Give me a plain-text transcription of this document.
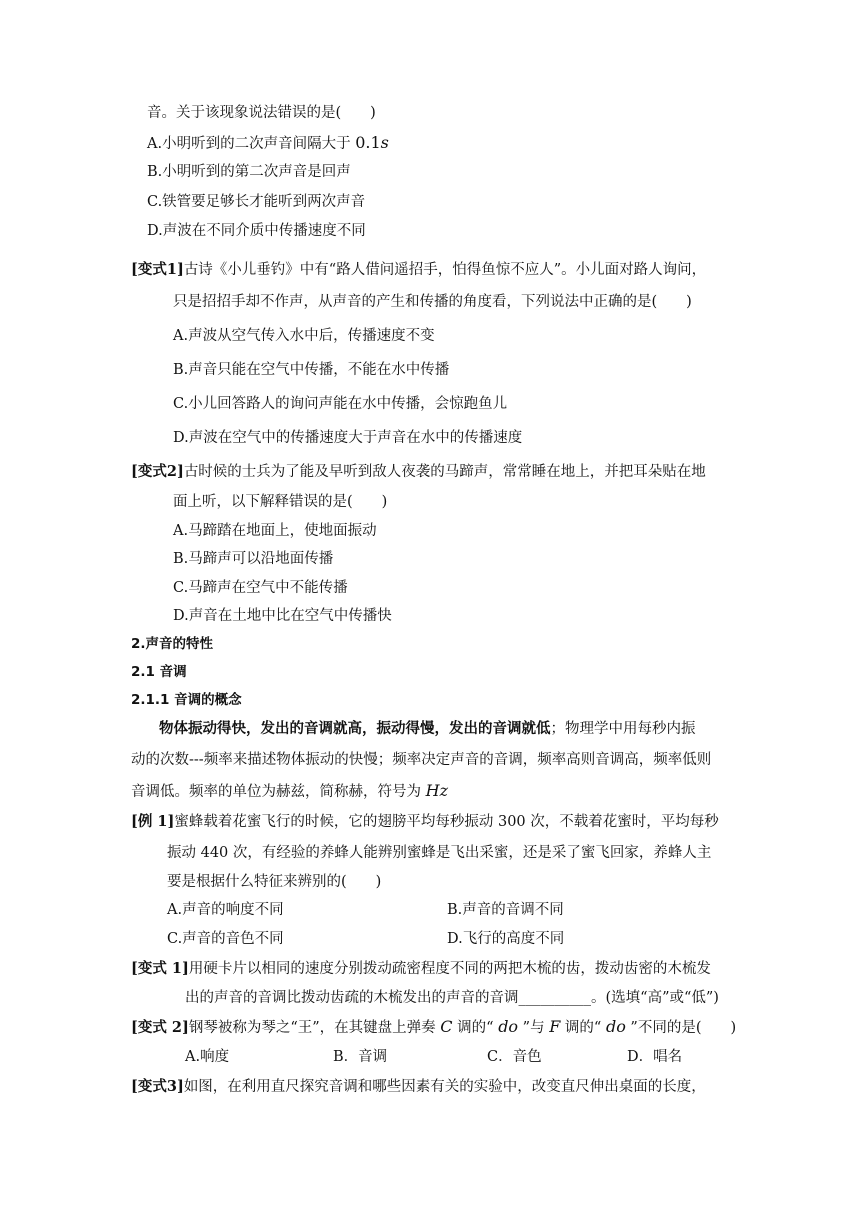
音。关于该现象说法错误的是(　　)
A.小明听到的二次声音间隔大于 0.1s
B.小明听到的第二次声音是回声
C.铁管要足够长才能听到两次声音
D.声波在不同介质中传播速度不同
[变式1]古诗《小儿垂钓》中有“路人借问遥招手，怕得鱼惊不应人”。小儿面对路人询问，
只是招招手却不作声，从声音的产生和传播的角度看，下列说法中正确的是(　　)
A.声波从空气传入水中后，传播速度不变
B.声音只能在空气中传播，不能在水中传播
C.小儿回答路人的询问声能在水中传播，会惊跑鱼儿
D.声波在空气中的传播速度大于声音在水中的传播速度
[变式2]古时候的士兵为了能及早听到敌人夜袭的马蹄声，常常睡在地上，并把耳朵贴在地
面上听，以下解释错误的是(　　)
A.马蹄踏在地面上，使地面振动
B.马蹄声可以沿地面传播
C.马蹄声在空气中不能传播
D.声音在土地中比在空气中传播快
2.声音的特性
2.1 音调
2.1.1 音调的概念
物体振动得快，发出的音调就高，振动得慢，发出的音调就低；物理学中用每秒内振
动的次数---频率来描述物体振动的快慢；频率决定声音的音调，频率高则音调高，频率低则
音调低。频率的单位为赫兹，简称赫，符号为 Hz
[例 1]蜜蜂载着花蜜飞行的时候，它的翅膀平均每秒振动 300 次，不载着花蜜时，平均每秒
振动 440 次，有经验的养蜂人能辨别蜜蜂是飞出采蜜，还是采了蜜飞回家，养蜂人主
要是根据什么特征来辨别的(　　)
A.声音的响度不同	B.声音的音调不同
C.声音的音色不同	D.飞行的高度不同
[变式 1]用硬卡片以相同的速度分别拨动疏密程度不同的两把木梳的齿，拨动齿密的木梳发
出的声音的音调比拨动齿疏的木梳发出的声音的音调__________。(选填“高”或“低”)
[变式 2]钢琴被称为琴之“王”，在其键盘上弹奏 C 调的“ do ”与 F 调的“ do ”不同的是(　　)
A.响度	B．音调	C．音色	D．唱名
[变式3]如图，在利用直尺探究音调和哪些因素有关的实验中，改变直尺伸出桌面的长度，
